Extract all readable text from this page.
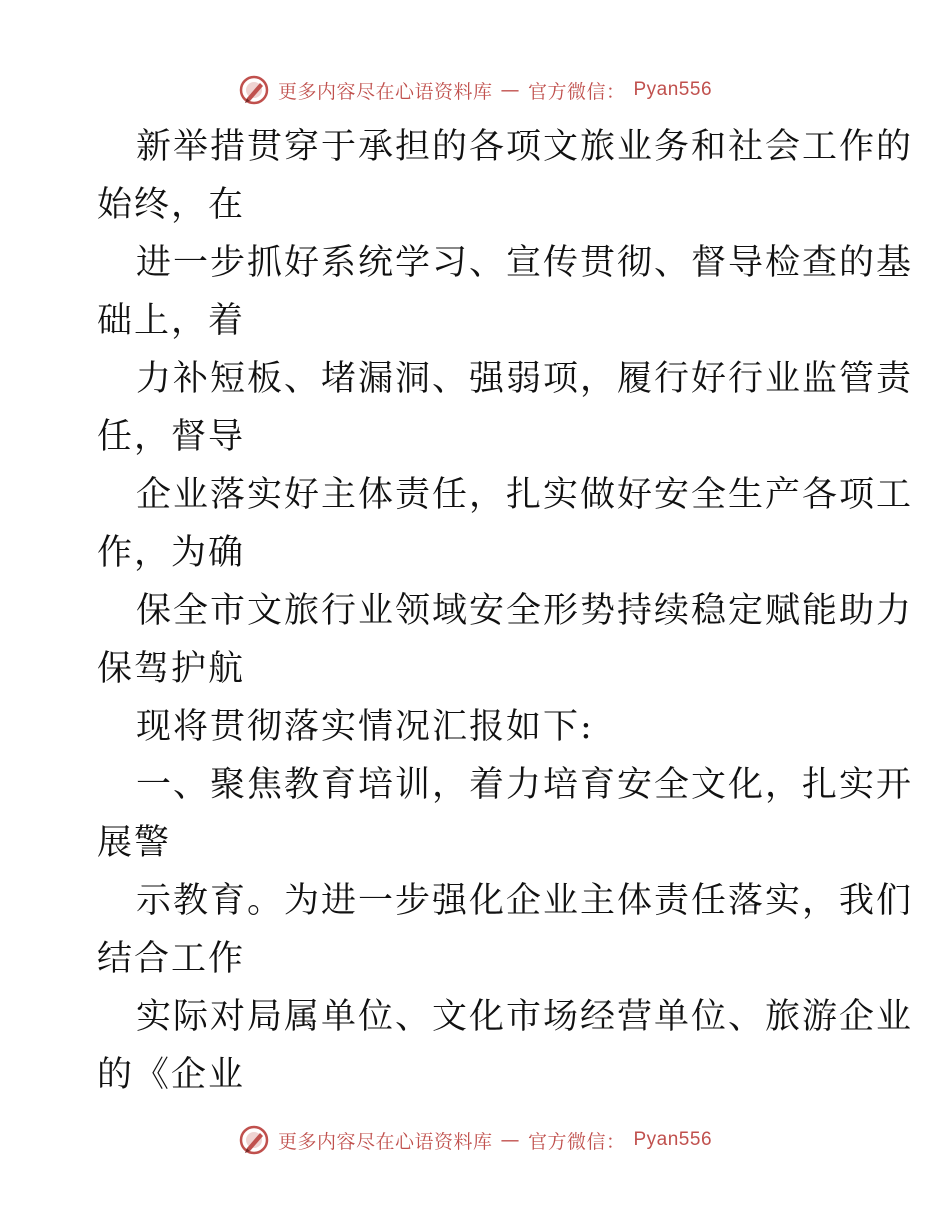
更多内容尽在心语资料库 — 官方微信： Pyan556
新举措贯穿于承担的各项文旅业务和社会工作的
始终，在
进一步抓好系统学习、宣传贯彻、督导检查的基
础上，着
力补短板、堵漏洞、强弱项，履行好行业监管责
任，督导
企业落实好主体责任，扎实做好安全生产各项工
作，为确
保全市文旅行业领域安全形势持续稳定赋能助力
保驾护航
现将贯彻落实情况汇报如下:
一、聚焦教育培训，着力培育安全文化，扎实开
展警
示教育。为进一步强化企业主体责任落实，我们
结合工作
实际对局属单位、文化市场经营单位、旅游企业
的《企业
更多内容尽在心语资料库 — 官方微信： Pyan556
